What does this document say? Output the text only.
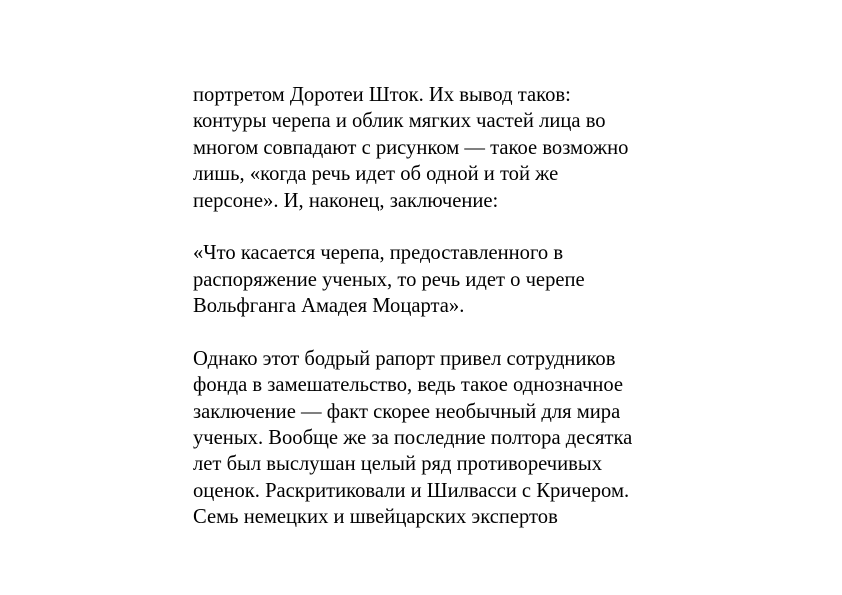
портретом Доротеи Шток. Их вывод таков:
контуры черепа и облик мягких частей лица во
многом совпадают с рисунком — такое возможно
лишь, «когда речь идет об одной и той же
персоне». И, наконец, заключение:
«Что касается черепа, предоставленного в
распоряжение ученых, то речь идет о черепе
Вольфганга Амадея Моцарта».
Однако этот бодрый рапорт привел сотрудников
фонда в замешательство, ведь такое однозначное
заключение — факт скорее необычный для мира
ученых. Вообще же за последние полтора десятка
лет был выслушан целый ряд противоречивых
оценок. Раскритиковали и Шилвасси с Кричером.
Семь немецких и швейцарских экспертов
